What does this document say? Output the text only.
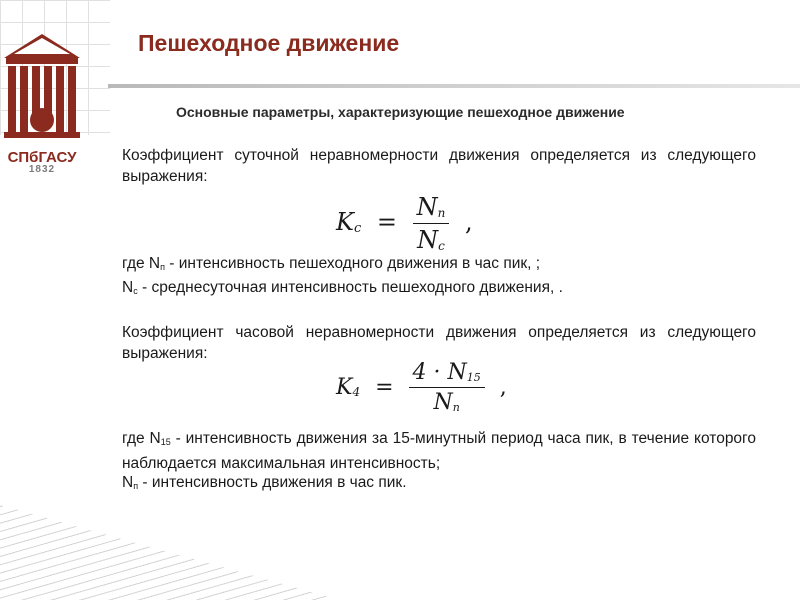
СПбГАСУ
1832
Пешеходное движение
Основные параметры, характеризующие пешеходное движение
Коэффициент суточной неравномерности движения определяется из следующего выражения:
$Kc = \frac{Nп}{Nc}$ ,
где $N_п$ - интенсивность пешеходного движения в час пик, ;
$N_с$ - среднесуточная интенсивность пешеходного движения, .
Коэффициент часовой неравномерности движения определяется из следующего выражения:
$K4 = \frac{4 \cdot N15}{Nп}$ ,
где $N_{15}$ - интенсивность движения за 15-минутный период часа пик, в течение которого наблюдается максимальная интенсивность;
$N_п$ - интенсивность движения в час пик.
